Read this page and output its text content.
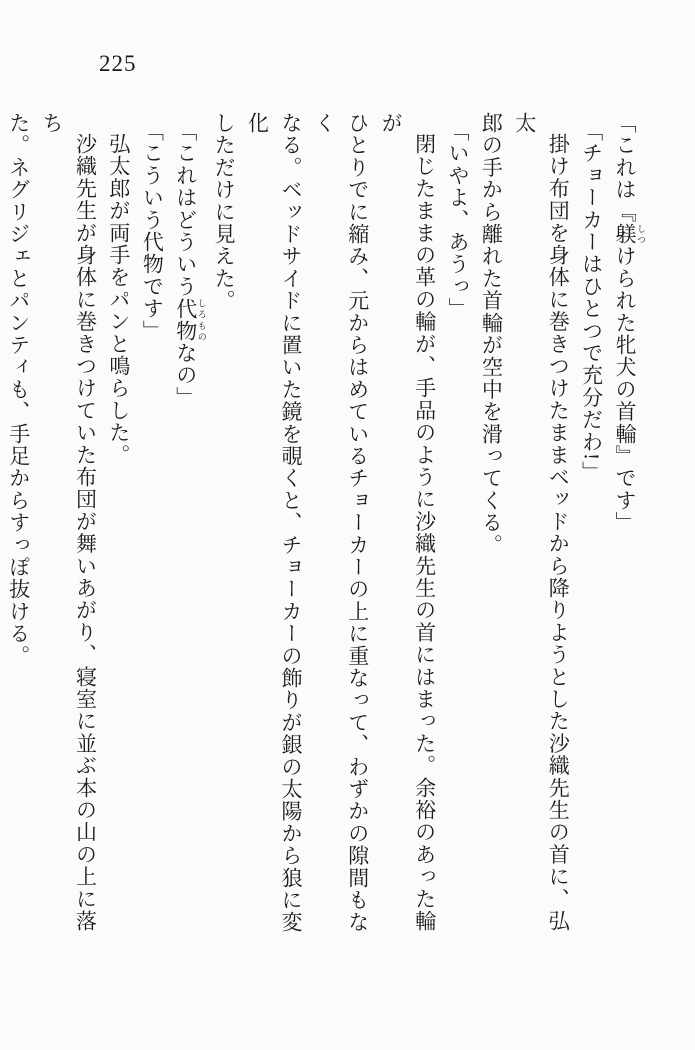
225

「これは『躾 しつけられた牝犬の首輪』です」

「チョーカーはひとつで充分だわ!」

掛け布団を身体に巻きつけたままベッドから降りようとした沙織先生の首に、弘太

郎の手から離れた首輪が空中を滑ってくる。

「いやよ、あうっ」

閉じたままの革の輪が、手品のように沙織先生の首にはまった。余裕のあった輪が

ひとりでに縮み、元からはめているチョーカーの上に重なって、わずかの隙間もなく

なる。ベッドサイドに置いた鏡を覗くと、チョーカーの飾りが銀の太陽から狼に変化

しただけに見えた。

「これはどういう代物 しろものなの」

「こういう代物です」

弘太郎が両手をパンと鳴らした。

沙織先生が身体に巻きつけていた布団が舞いあがり、寝室に並ぶ本の山の上に落ち

た。ネグリジェとパンティも、手足からすっぽ抜ける。
